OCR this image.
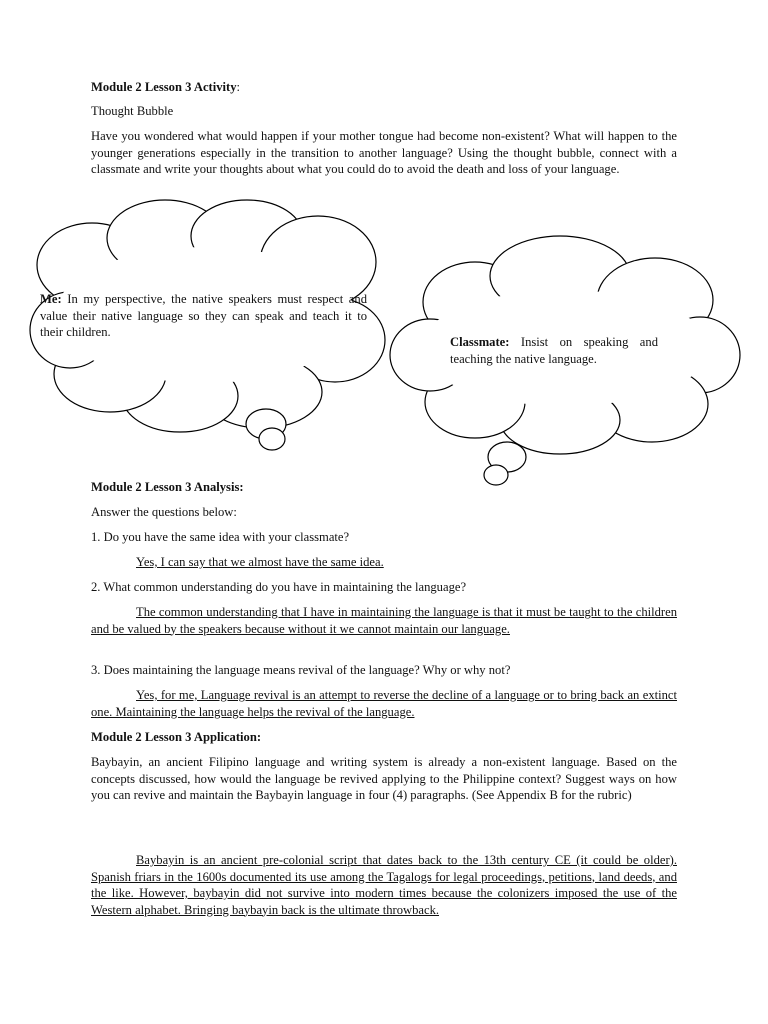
Module 2 Lesson 3 Activity:

Thought Bubble

Have you wondered what would happen if your mother tongue had become non-existent? What will happen to the younger generations especially in the transition to another language? Using the thought bubble, connect with a classmate and write your thoughts about what you could do to avoid the death and loss of your language.

Me: In my perspective, the native speakers must respect and value their native language so they can speak and teach it to their children.

Classmate: Insist on speaking and teaching the native language.

Module 2 Lesson 3 Analysis:

Answer the questions below:

1. Do you have the same idea with your classmate?

Yes, I can say that we almost have the same idea.

2. What common understanding do you have in maintaining the language?

The common understanding that I have in maintaining the language is that it must be taught to the children and be valued by the speakers because without it we cannot maintain our language.

3. Does maintaining the language means revival of the language? Why or why not?

Yes, for me, Language revival is an attempt to reverse the decline of a language or to bring back an extinct one. Maintaining the language helps the revival of the language.

Module 2 Lesson 3 Application:

Baybayin, an ancient Filipino language and writing system is already a non-existent language. Based on the concepts discussed, how would the language be revived applying to the Philippine context? Suggest ways on how you can revive and maintain the Baybayin language in four (4) paragraphs. (See Appendix B for the rubric)

Baybayin is an ancient pre-colonial script that dates back to the 13th century CE (it could be older). Spanish friars in the 1600s documented its use among the Tagalogs for legal proceedings, petitions, land deeds, and the like. However, baybayin did not survive into modern times because the colonizers imposed the use of the Western alphabet. Bringing baybayin back is the ultimate throwback.
